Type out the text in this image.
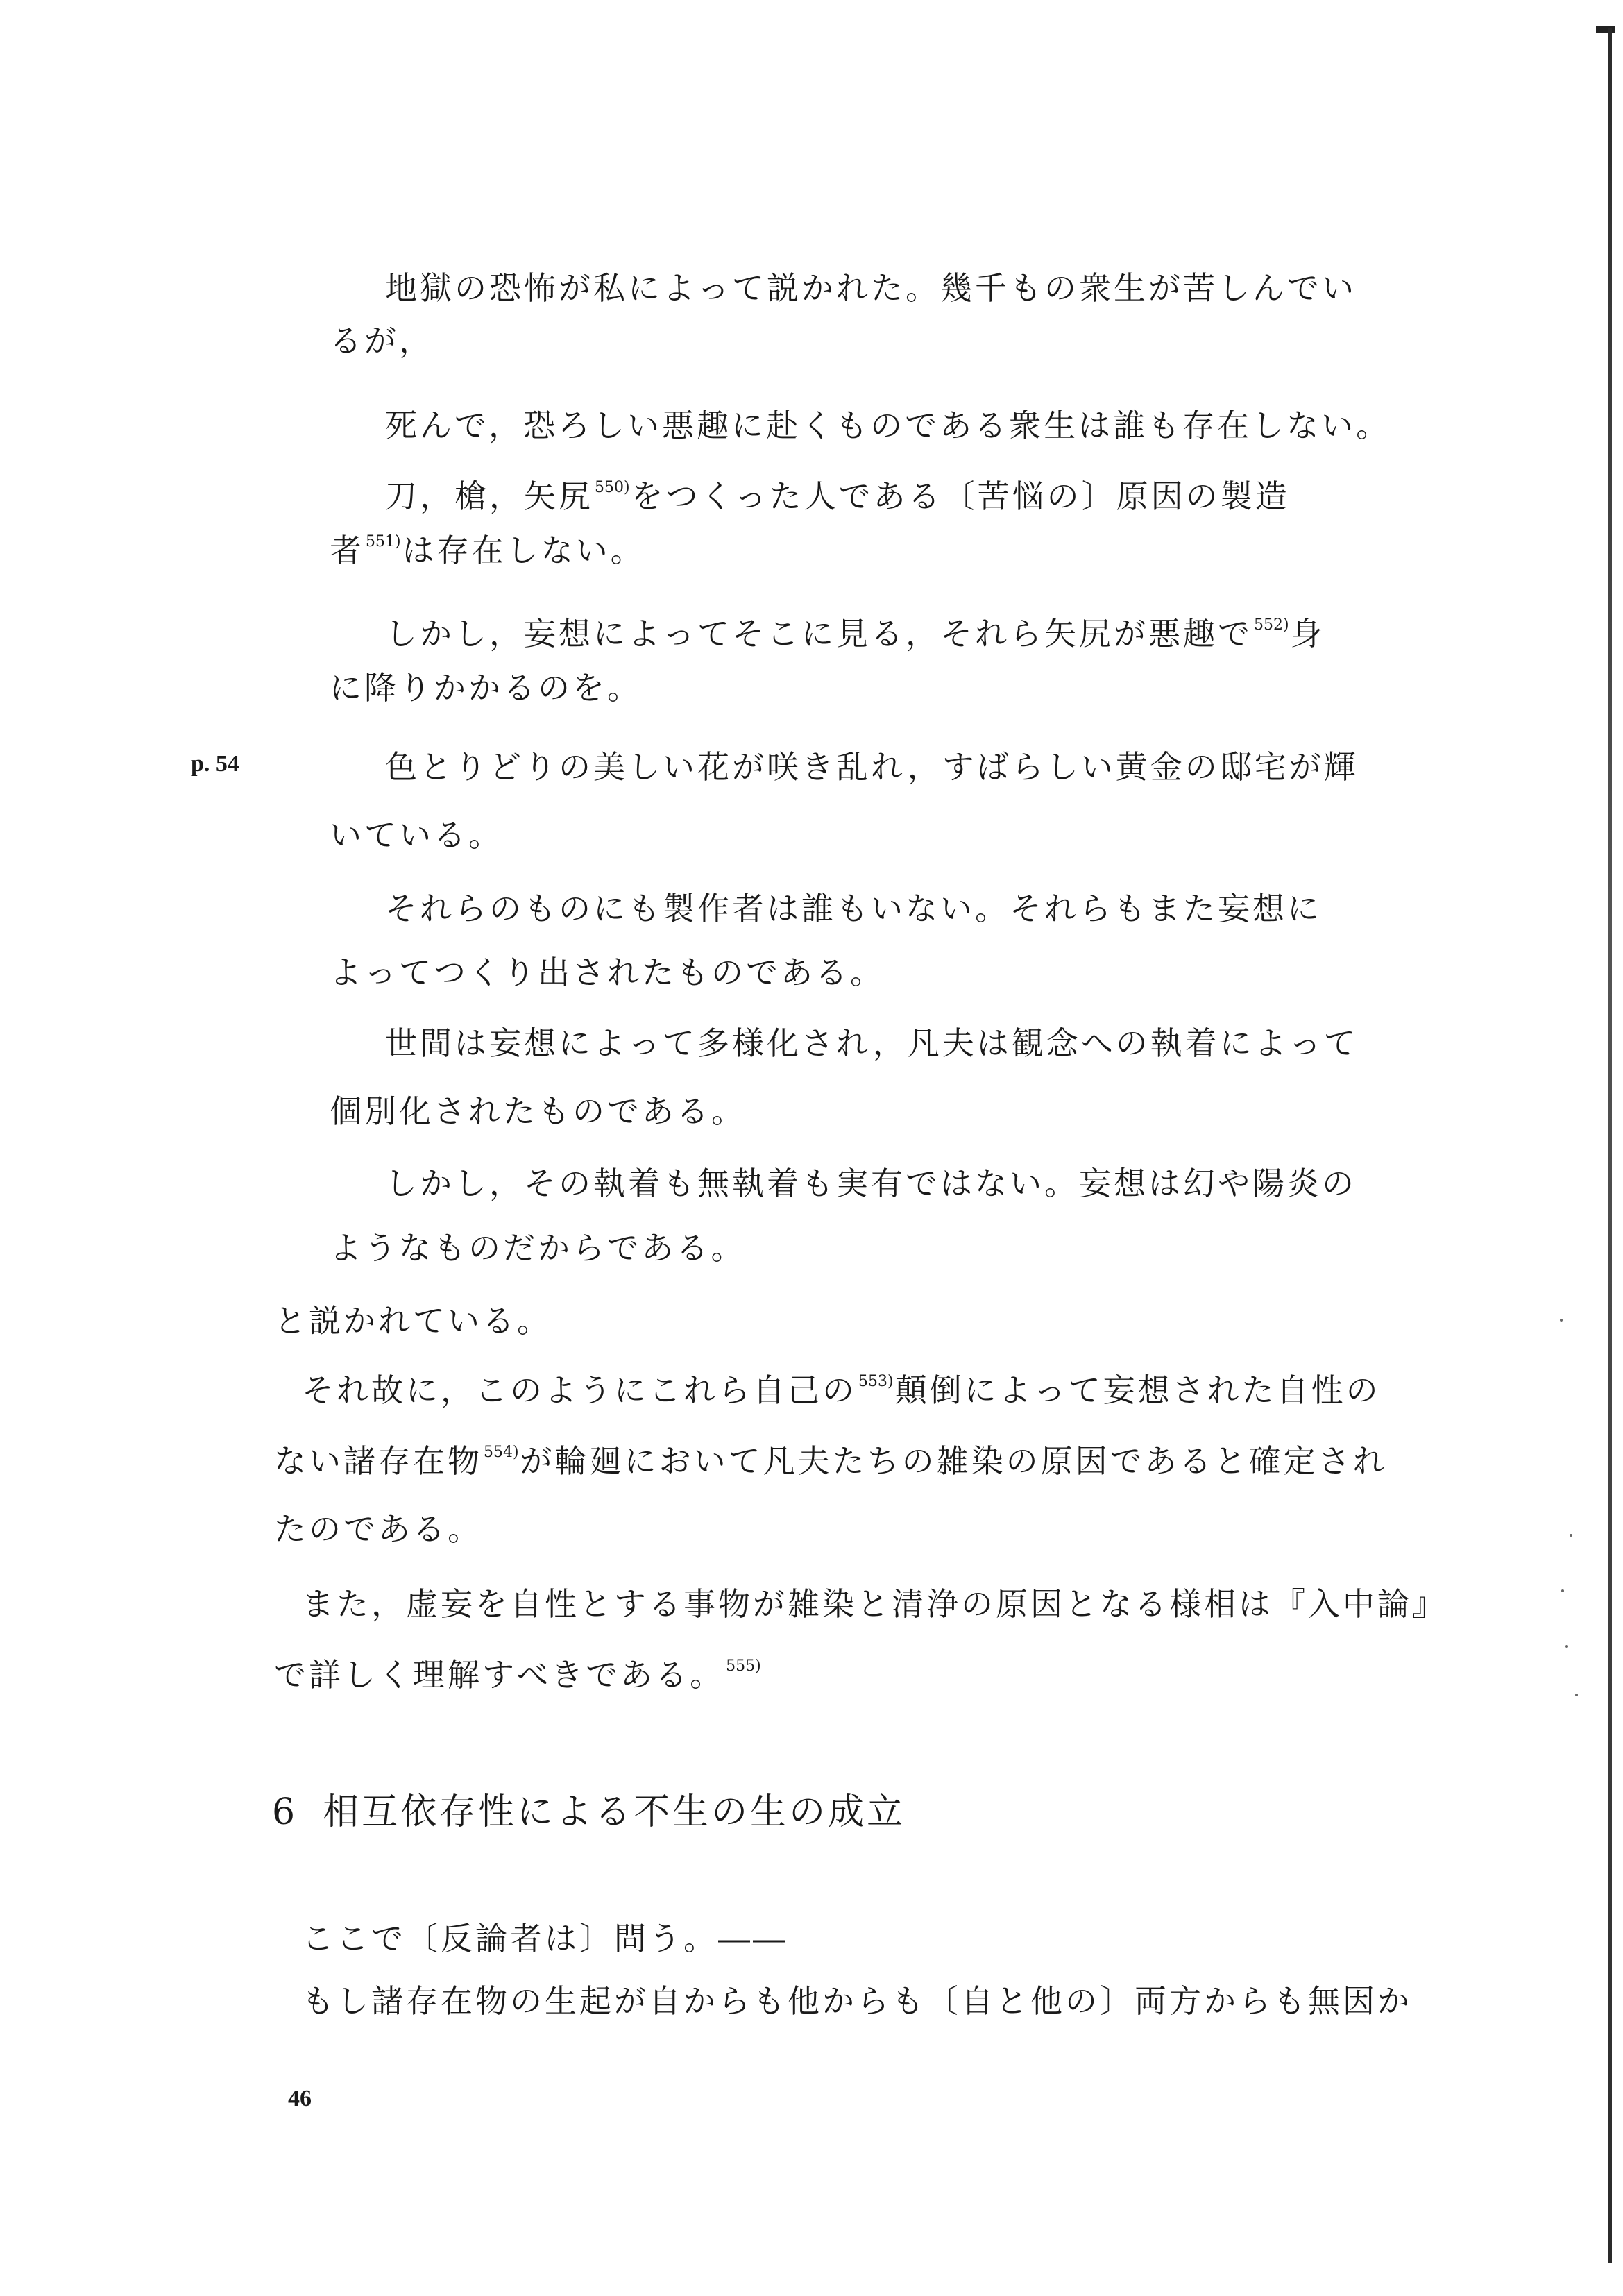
p. 54
地獄の恐怖が私によって説かれた。幾千もの衆生が苦しんでい
るが，
死んで，恐ろしい悪趣に赴くものである衆生は誰も存在しない。
刀，槍，矢尻$^{550)}$をつくった人である〔苦悩の〕原因の製造
者$^{551)}$は存在しない。
しかし，妄想によってそこに見る，それら矢尻が悪趣で$^{552)}$身
に降りかかるのを。
色とりどりの美しい花が咲き乱れ，すばらしい黄金の邸宅が輝
いている。
それらのものにも製作者は誰もいない。それらもまた妄想に
よってつくり出されたものである。
世間は妄想によって多様化され，凡夫は観念への執着によって
個別化されたものである。
しかし，その執着も無執着も実有ではない。妄想は幻や陽炎の
ようなものだからである。
と説かれている。
それ故に，このようにこれら自己の$^{553)}$顛倒によって妄想された自性の
ない諸存在物$^{554)}$が輪廻において凡夫たちの雑染の原因であると確定され
たのである。
また，虚妄を自性とする事物が雑染と清浄の原因となる様相は『入中論』
で詳しく理解すべきである。$^{555)}$
ここで〔反論者は〕問う。――
もし諸存在物の生起が自からも他からも〔自と他の〕両方からも無因か
6 相互依存性による不生の生の成立
46
